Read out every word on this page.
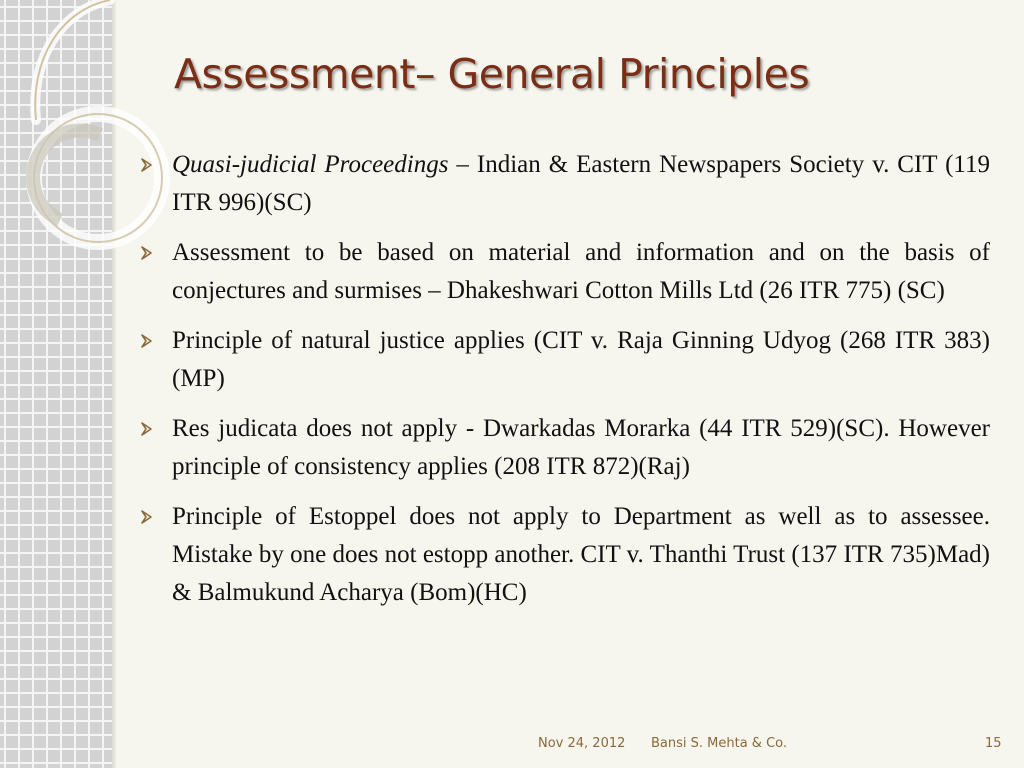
Assessment– General Principles
Quasi-judicial Proceedings – Indian & Eastern Newspapers Society v. CIT (119 ITR 996)(SC)
Assessment to be based on material and information and on the basis of conjectures and surmises – Dhakeshwari Cotton Mills Ltd (26 ITR 775) (SC)
Principle of natural justice applies (CIT v. Raja Ginning Udyog (268 ITR 383) (MP)
Res judicata does not apply - Dwarkadas Morarka (44 ITR 529)(SC). However principle of consistency applies (208 ITR 872)(Raj)
Principle of Estoppel does not apply to Department as well as to assessee. Mistake by one does not estopp another. CIT v. Thanthi Trust (137 ITR 735)Mad) & Balmukund Acharya (Bom)(HC)
Nov 24, 2012 Bansi S. Mehta & Co.	15
